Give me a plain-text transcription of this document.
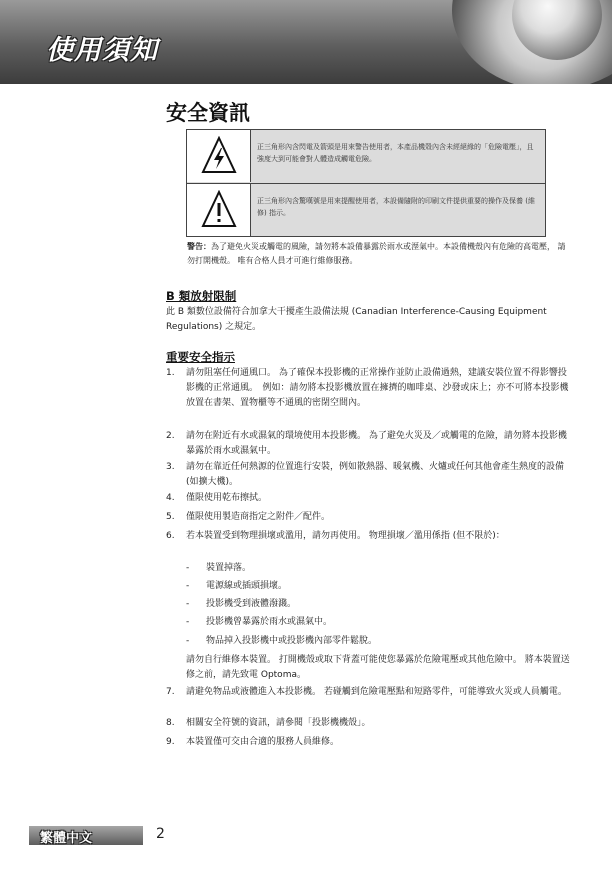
使用須知
安全資訊
正三角形內含閃電及箭頭是用來警告使用者，本產品機殼內含未經絕緣的「危險電壓」，且強度大到可能會對人體造成觸電危險。
正三角形內含驚嘆號是用來提醒使用者，本設備隨附的印刷文件提供重要的操作及保養 (維修) 指示。
警告：為了避免火災或觸電的風險，請勿將本設備暴露於雨水或溼氣中。本設備機殼內有危險的高電壓， 請勿打開機殼。 唯有合格人員才可進行維修服務。
B 類放射限制
此 B 類數位設備符合加拿大干擾產生設備法規 (Canadian Interference-Causing Equipment Regulations) 之規定。
重要安全指示
1.	請勿阻塞任何通風口。 為了確保本投影機的正常操作並防止設備過熱，建議安裝位置不得影響投影機的正常通風。　例如：請勿將本投影機放置在擁擠的咖啡桌、沙發或床上；亦不可將本投影機放置在書架、置物櫃等不通風的密閉空間內。
2.	請勿在附近有水或濕氣的環境使用本投影機。 為了避免火災及／或觸電的危險，請勿將本投影機暴露於雨水或濕氣中。
3.	請勿在靠近任何熱源的位置進行安裝，例如散熱器、暖氣機、火爐或任何其他會產生熱度的設備 (如擴大機)。
4.	僅限使用乾布擦拭。
5.	僅限使用製造商指定之附件／配件。
6.	若本裝置受到物理損壞或濫用，請勿再使用。 物理損壞／濫用係指 (但不限於)：
-	裝置掉落。
-	電源線或插頭損壞。
-	投影機受到液體潑濺。
-	投影機曾暴露於雨水或濕氣中。
-	物品掉入投影機中或投影機內部零件鬆脫。
請勿自行維修本裝置。 打開機殼或取下背蓋可能使您暴露於危險電壓或其他危險中。 將本裝置送修之前，請先致電 Optoma。
7.	請避免物品或液體進入本投影機。 若碰觸到危險電壓點和短路零件，可能導致火災或人員觸電。
8.	相關安全符號的資訊，請參閱「投影機機殼」。
9.	本裝置僅可交由合適的服務人員維修。
繁體中文	2
